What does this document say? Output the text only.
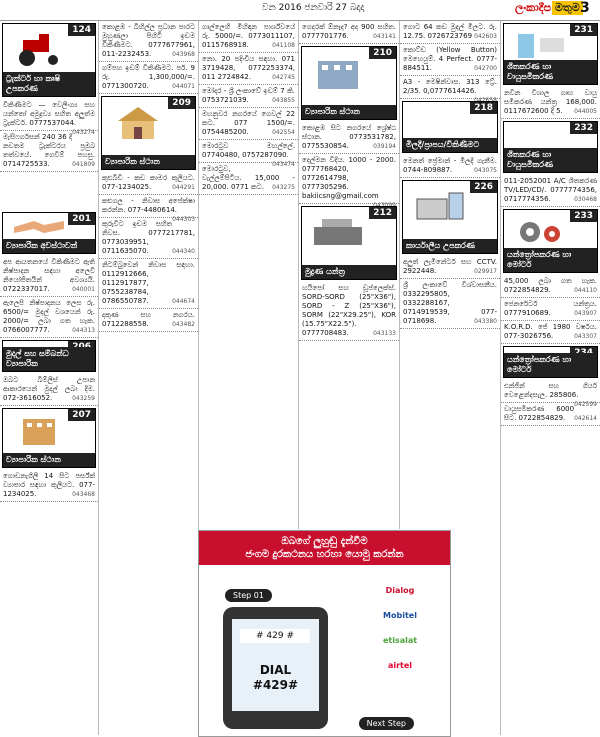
වන 2016 ජනවාරි 27 බදාදා	ලංකාදීප මතුම 3
124
ට්‍රැක්ටර් හා කෘෂි උපකරණ
විකිණීමට — වෙලිංග්‍ය සහ යන්තෝ අමුද්‍රව්‍ය සහිත අලුත්ම ට්‍රැක්ටර්. 0777537044.
043274
මැසිෆර්ගසන් 240 36 දී නවතම ට්‍රැක්ටරය ප්‍රමුඛ තත්වයේ. ගෙවීම් පහසු. 0714725533.	041809
201
ව්‍යාපාරික අවස්ථාවන්
අප ආයතනයේ විකිණීමට ඇති නිෂ්පාදන සඳහා අලෙවි නියෝජිතයින් අවශ්‍යයි. 0722337017.	040001
ඇලෙපි නිෂ්පාදනය ලෙස රු. 6500/= මුදල් වශයෙන් රු. 2000/= ලබා ගත හැක. 0766007777.	044313
මුදල් සහ සම්බන්ධ ව්‍යාපාරික
ඔබට බිම්ලිස් උපාන ආකාරයෙන් මුදල් ලබා දීම. 072-3616052.	043259
207
ව්‍යාපාරික ස්ථාන
ගොඩනැගිලි 14 සිට පර්ස්ක් ව්‍යාපාර සඳහා කුලියට. 077-1234025.	043468
කොළඹ - බිහිල්ල ප්‍රධාන පාරට මුහුණලා පිහිටි ඉඩම විකිණීමට. 0777677961, 011-2232453.	043968
ගම්පහ ඉඩම් විකිණීමට. පර්. 9 රු. 1,300,000/=. 0771300720.	044071
209
ව්‍යාපාරික ස්ථාන
කුළුබිඩී - කඩ කාමර කුලියට. 077-1234025.	044291
කළුගල - නිවාස අපේක්ෂා කරන්න. 077-4480614.
044303
කුරුවිට ඉඩම සහිත නිවස. 0777217781, 0773039951, 0711635070.	044340
නිටම්බුවෙන් නිවාස සඳහා. 0112912666, 0112917877, 0755238784, 0786550787.	044674
දකුණ සහ නගරය. 0712288558.	043482
ගාල්ලෙහි මිහිඳාන පාර්ශ්වයේ රු. 5000/=. 0773011107, 0115768918.	041108
නො. 20 පදිංචිය සඳහා. 071 3719428, 0772253374, 011 2724842.	042745
මෝදර - ශ්‍රී ලංකාවේ ඉඩම් 7 කි. 0753721039.	043855
මහනුවර නගරයේ ගෙවල් 22 කට. 077 1500/=. 0754485200.	042554
මොරටුව මහල්ලේ. 07740480, 0757287090.
043474
මොරටුව, වැල්ලම්පිටිය. 15,000 - 20,000. 0771 කට. 043275
ගෙදරක් ඕනෑද? අද 900 සහිත. 0777701776.	043141
210
ව්‍යාපාරික ස්ථාන
කොළඹ සිට නගරයේ ශ්‍රේෂ්ඨ ස්ථාන. 0773531782, 0775530854.	039194
දෙල්මන වීදිය. 1000 - 2000. 0777768420, 0772614798, 0777305296. bakiicsng@gmail.com
212
මුද්‍රණ යන්ත්‍ර
හයිපෝ සහ ඩූප්ලෙක්ස්. SORD-SORD (25"X36"), SORD - Z (25"X36"), SORM (22"X29.25"), KOR (15.75"X22.5"). 0777708483.	043133
ඔබගේ ලුහුඬු දැන්වීම
ජංගම දුරකථනය හරහා යොමු කරන්න
Step 01
# 429 #
DIAL
#429#
Dialog
Mobitel
etisalat
airtel
Next Step
ගොට 64 කඩ මුදල් මිලට. රු. 12.75. 0726723769 042603
කොට්ඩ (Yellow Button) මෙහෙයුම්. 4 Perfect. 0777-884511.	042700
A3 - මෙෂින්වාස. 313 ට්‍රේ. 2/35. 0,0777614426.
218
මිලදී/ප්‍රාපය/විකිණීමට
මෙනත් ප්‍රේමාන් - මිලදී ගැනීම. 0744-809887.	043075
226
කාර්යාලීය උපකරණ
අලුත් ලැමිනේටර් සහ CCTV. 2922448.	029917
ශ්‍රී ලංකාවේ විශ්වාසනීය. 0332295805, 0332288167, 0714919539, 077-0718698.	043380
231
ශීතකරණ හා වායුසමීකරණ
නවීන විශාල ගෘහ වායු සමීකරණ යන්ත්‍ර 168,000. 0117672600 දී 5. 044005
232
ශීතකරණ හා වායුසමීකරණ
011-2052001 A/C ශීතකරණ TV/LED/CD/. 0777774356, 0717774356.	030468
233
යන්ත්‍රෝපකරණ හා මෝටර්
45,000 ලබා ගත හැක. 0722854829.	044110
ජෙනරේටර් යන්ත්‍රය. 0777910689.	043907
K.O.R.D. ජේ 1980 වර්ෂය. 077-3026756.	043307
යන්ත්‍රෝපකරණ හා මෝටර්
එන්ජින් සහ ගියර් වෙළෙන්දසැල. 285806.
042599
වායුසමීකරණ 6000 සිට. 0722854829. 042614
